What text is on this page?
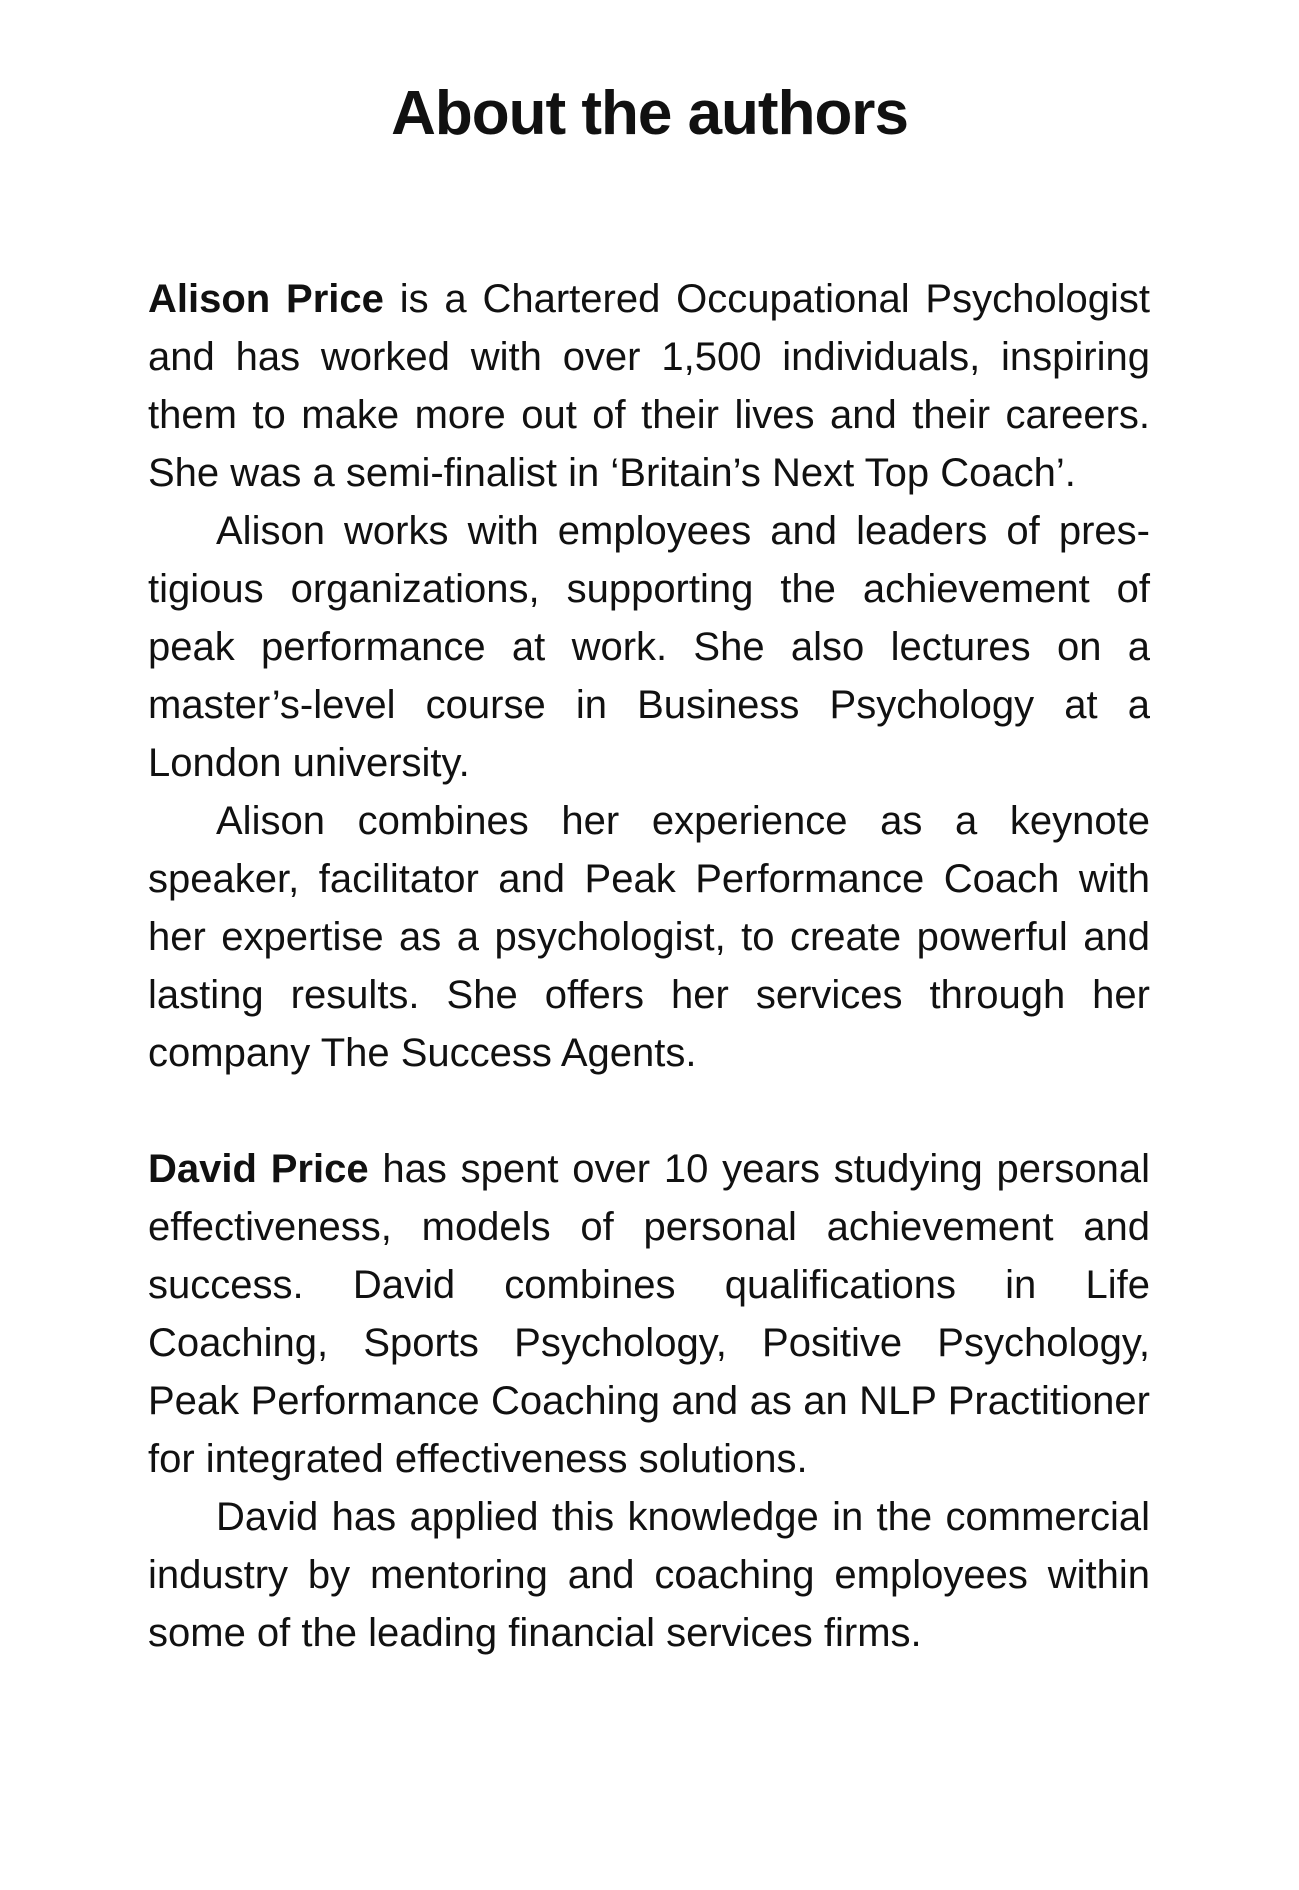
About the authors

Alison Price is a Chartered Occupational Psychologist and has worked with over 1,500 individuals, inspiring them to make more out of their lives and their careers. She was a semi-finalist in ‘Britain’s Next Top Coach’.

Alison works with employees and leaders of prestigious organizations, supporting the achievement of peak performance at work. She also lectures on a master’s-level course in Business Psychology at a London university.

Alison combines her experience as a keynote speaker, facilitator and Peak Performance Coach with her expertise as a psychologist, to create powerful and lasting results. She offers her services through her company The Success Agents.

David Price has spent over 10 years studying personal effectiveness, models of personal achievement and success. David combines qualifications in Life Coaching, Sports Psychology, Positive Psychology, Peak Performance Coaching and as an NLP Practitioner for integrated effectiveness solutions.

David has applied this knowledge in the commercial industry by mentoring and coaching employees within some of the leading financial services firms.
